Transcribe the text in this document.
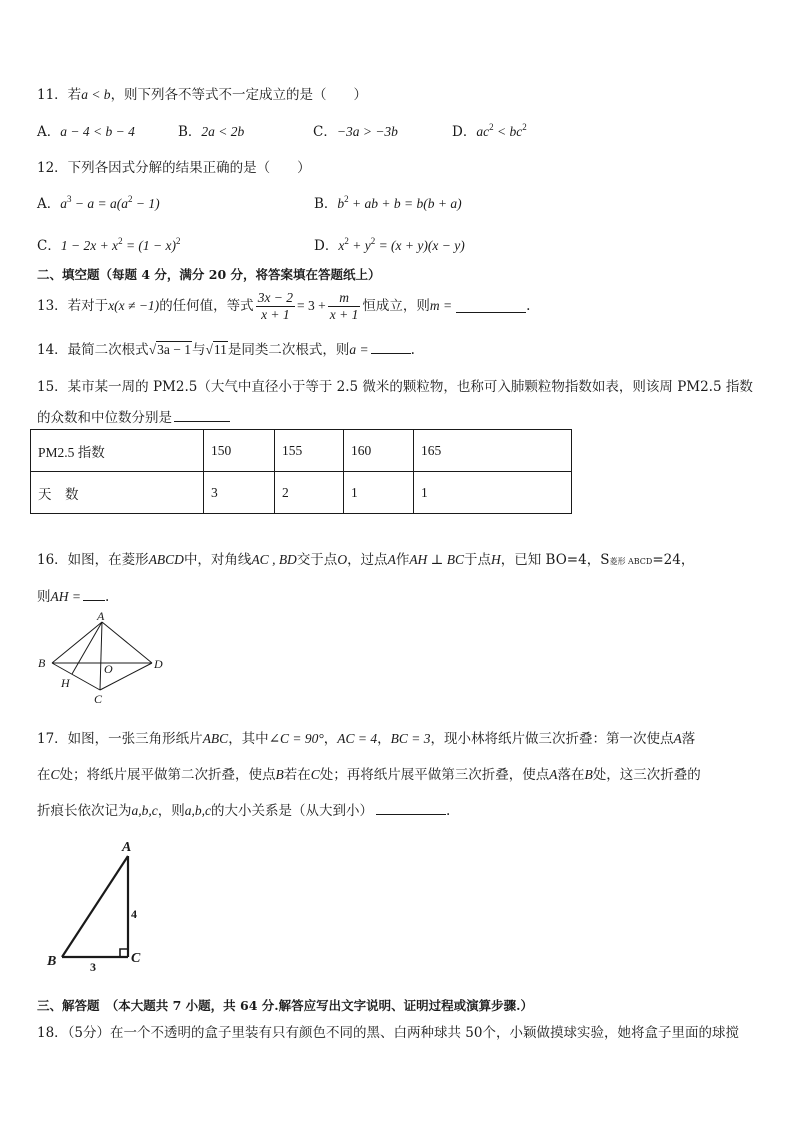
11．若a < b，则下列各不等式不一定成立的是（　　）
A．a − 4 < b − 4	B．2a < 2b	C．−3a > −3b	D．$ac^2 < bc^2$
12．下列各因式分解的结果正确的是（　　）
A．$a^3 - a = a(a^2 - 1)$	B．$b^2$ + ab + b = b(b + a)
C．$1 - 2x + x^2 = (1 - x)^2$	D．$x^2 + y^2 = (x + y)(x - y)$
二、填空题（每题 4 分，满分 20 分，将答案填在答题纸上）
13．若对于 x(x ≠ −1) 的任何值，等式 $\frac{3x - 2}{x + 1} = 3 + \frac{m}{x + 1}$ 恒成立，则 m =	.
14．最简二次根式√3a − 1与√11是同类二次根式，则a =	.
15．某市某一周的 PM2.5（大气中直径小于等于 2.5 微米的颗粒物，也称可入肺颗粒物指数如表，则该周 PM2.5 指数
的众数和中位数分别是
PM2.5 指数	150	155	160	165
天　数	3	2	1	1
16．如图，在菱形ABCD中，对角线AC , BD交于点O，过点A作AH ⊥ BC于点H，已知 BO=4，S菱形 ABCD=24，
则AH = .
A
B	O	D
H
C
17．如图，一张三角形纸片ABC，其中∠C = 90°，AC = 4，BC = 3，现小林将纸片做三次折叠：第一次使点A落
在C处；将纸片展平做第二次折叠，使点B若在C处；再将纸片展平做第三次折叠，使点A落在B处，这三次折叠的
折痕长依次记为a,b,c，则a,b,c的大小关系是（从大到小）	.
A
B	C
4
3
三、解答题　（本大题共 7 小题，共 64 分.解答应写出文字说明、证明过程或演算步骤.）
18．（5分）在一个不透明的盒子里装有只有颜色不同的黑、白两种球共 50个，小颖做摸球实验，她将盒子里面的球搅
